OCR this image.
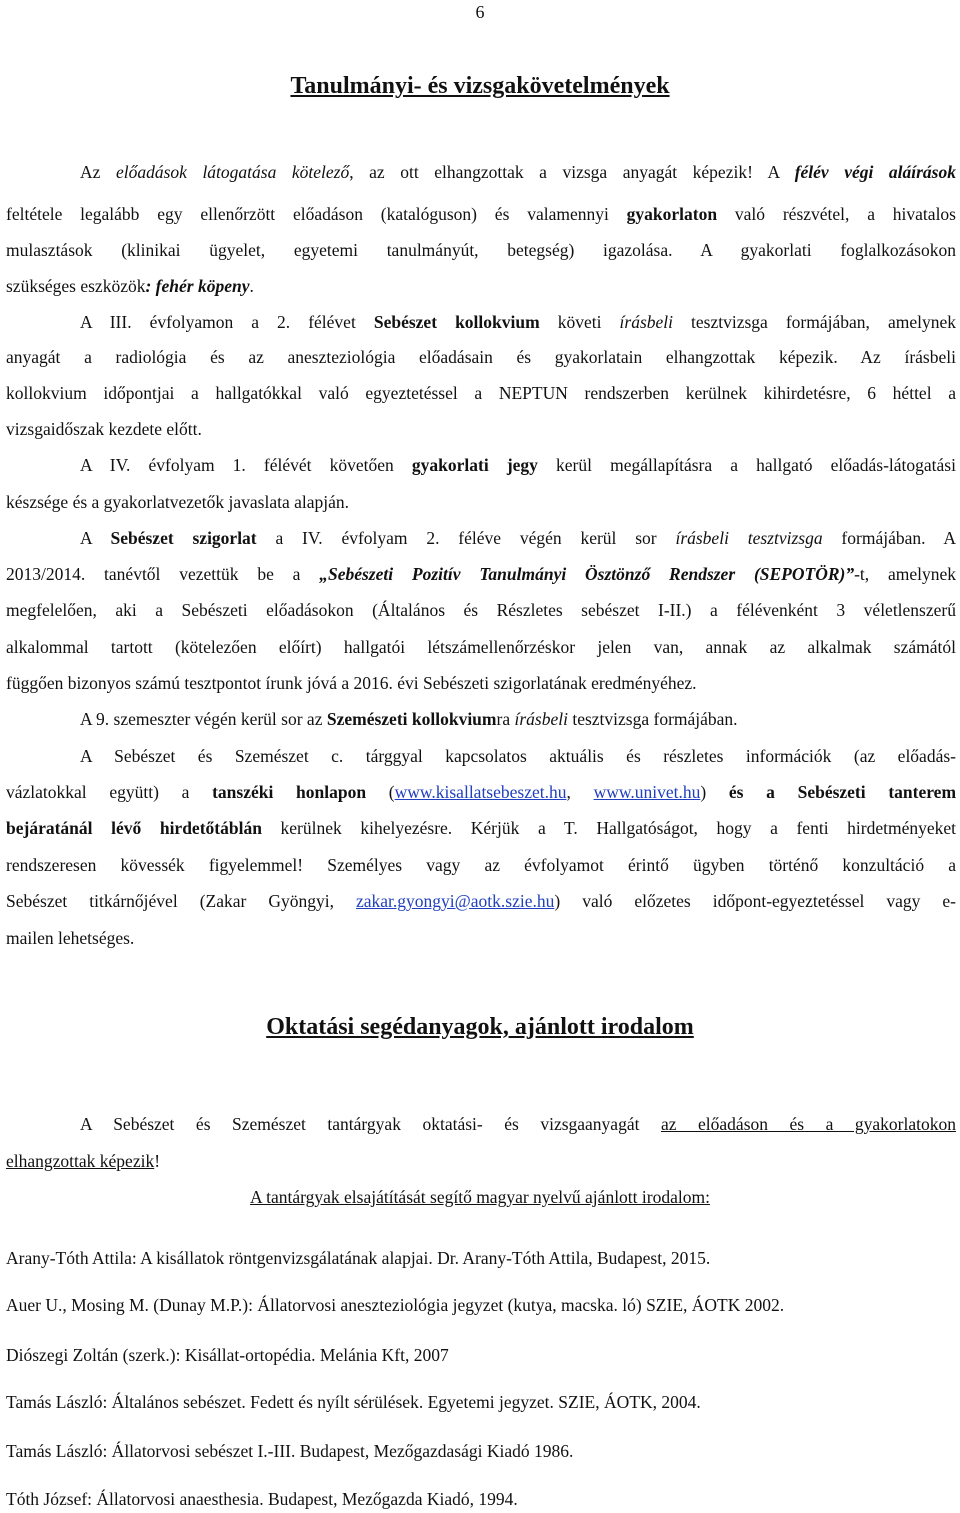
6
Tanulmányi- és vizsgakövetelmények
Az előadások látogatása kötelező, az ott elhangzottak a vizsga anyagát képezik! A félév végi aláírások
feltétele legalább egy ellenőrzött előadáson (katalóguson) és valamennyi gyakorlaton való részvétel, a hivatalos
mulasztások (klinikai ügyelet, egyetemi tanulmányút, betegség) igazolása. A gyakorlati foglalkozásokon
szükséges eszközök: fehér köpeny.
A III. évfolyamon a 2. félévet Sebészet kollokvium követi írásbeli tesztvizsga formájában, amelynek
anyagát a radiológia és az aneszteziológia előadásain és gyakorlatain elhangzottak képezik. Az írásbeli
kollokvium időpontjai a hallgatókkal való egyeztetéssel a NEPTUN rendszerben kerülnek kihirdetésre, 6 héttel a
vizsgaidőszak kezdete előtt.
A IV. évfolyam 1. félévét követően gyakorlati jegy kerül megállapításra a hallgató előadás-látogatási
készsége és a gyakorlatvezetők javaslata alapján.
A Sebészet szigorlat a IV. évfolyam 2. féléve végén kerül sor írásbeli tesztvizsga formájában. A
2013/2014. tanévtől vezettük be a „Sebészeti Pozitív Tanulmányi Ösztönző Rendszer (SEPOTÖR)”-t, amelynek
megfelelően, aki a Sebészeti előadásokon (Általános és Részletes sebészet I-II.) a félévenként 3 véletlenszerű
alkalommal tartott (kötelezően előírt) hallgatói létszámellenőrzéskor jelen van, annak az alkalmak számától
függően bizonyos számú tesztpontot írunk jóvá a 2016. évi Sebészeti szigorlatának eredményéhez.
A 9. szemeszter végén kerül sor az Szemészeti kollokviumra írásbeli tesztvizsga formájában.
A Sebészet és Szemészet c. tárggyal kapcsolatos aktuális és részletes információk (az előadás-
vázlatokkal együtt) a tanszéki honlapon (www.kisallatsebeszet.hu, www.univet.hu) és a Sebészeti tanterem
bejáratánál lévő hirdetőtáblán kerülnek kihelyezésre. Kérjük a T. Hallgatóságot, hogy a fenti hirdetményeket
rendszeresen kövessék figyelemmel! Személyes vagy az évfolyamot érintő ügyben történő konzultáció a
Sebészet titkárnőjével (Zakar Gyöngyi, zakar.gyongyi@aotk.szie.hu) való előzetes időpont-egyeztetéssel vagy e-
mailen lehetséges.
Oktatási segédanyagok, ajánlott irodalom
A Sebészet és Szemészet tantárgyak oktatási- és vizsgaanyagát az előadáson és a gyakorlatokon
elhangzottak képezik!
A tantárgyak elsajátítását segítő magyar nyelvű ajánlott irodalom:
Arany-Tóth Attila: A kisállatok röntgenvizsgálatának alapjai. Dr. Arany-Tóth Attila, Budapest, 2015.
Auer U., Mosing M. (Dunay M.P.): Állatorvosi aneszteziológia jegyzet (kutya, macska. ló) SZIE, ÁOTK 2002.
Diószegi Zoltán (szerk.): Kisállat-ortopédia. Melánia Kft, 2007
Tamás László: Általános sebészet. Fedett és nyílt sérülések. Egyetemi jegyzet. SZIE, ÁOTK, 2004.
Tamás László: Állatorvosi sebészet I.-III. Budapest, Mezőgazdasági Kiadó 1986.
Tóth József: Állatorvosi anaesthesia. Budapest, Mezőgazda Kiadó, 1994.
